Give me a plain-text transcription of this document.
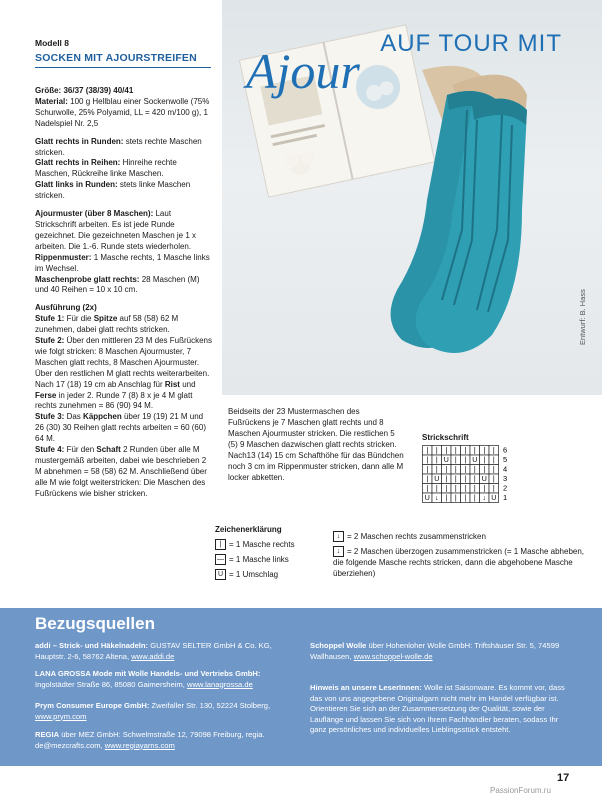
Modell 8
SOCKEN MIT AJOURSTREIFEN

Größe: 36/37 (38/39) 40/41
Material: 100 g Hellblau einer Sockenwolle (75% Schurwolle, 25% Polyamid, LL = 420 m/100 g), 1 Nadelspiel Nr. 2,5

Glatt rechts in Runden: stets rechte Maschen stricken.
Glatt rechts in Reihen: Hinreihe rechte Maschen, Rückreihe linke Maschen.
Glatt links in Runden: stets linke Maschen stricken.

Ajourmuster (über 8 Maschen): Laut Strickschrift arbeiten. Es ist jede Runde gezeichnet. Die gezeichneten Maschen je 1 x arbeiten. Die 1.-6. Runde stets wiederholen.
Rippenmuster: 1 Masche rechts, 1 Masche links im Wechsel.
Maschenprobe glatt rechts: 28 Maschen (M) und 40 Reihen = 10 x 10 cm.

Ausführung (2x)
Stufe 1: Für die Spitze auf 58 (58) 62 M zunehmen, dabei glatt rechts stricken.
Stufe 2: Über den mittleren 23 M des Fußrückens wie folgt stricken: 8 Maschen Ajourmuster, 7 Maschen glatt rechts, 8 Maschen Ajourmuster. Über den restlichen M glatt rechts weiterarbeiten. Nach 17 (18) 19 cm ab Anschlag für Rist und Ferse in jeder 2. Runde 7 (8) 8 x je 4 M glatt rechts zunehmen = 86 (90) 94 M.
Stufe 3: Das Käppchen über 19 (19) 21 M und 26 (30) 30 Reihen glatt rechts arbeiten = 60 (60) 64 M.
Stufe 4: Für den Schaft 2 Runden über alle M mustergemäß arbeiten, dabei wie beschrieben 2 M abnehmen = 58 (58) 62 M. Anschließend über alle M wie folgt weiterstricken: Die Maschen des Fußrückens wie bisher stricken.

AUF TOUR MIT
Ajour
Entwurf: B. Hass
Beidseits der 23 Mustermaschen des Fußrückens je 7 Maschen glatt rechts und 8 Maschen Ajourmuster stricken. Die restlichen 5 (5) 9 Maschen dazwischen glatt rechts stricken. Nach13 (14) 15 cm Schafthöhe für das Bündchen noch 3 cm im Rippenmuster stricken, dann alle M locker abketten.
Strickschrift
| | | | | | | | 6
| | U | | U | | 5
| | | | | | | | 4
| U | | | | U | 3
| | | | | | | | 2
U ↓ | | | | ↓ U 1
Zeichenerklärung
| = 1 Masche rechts
— = 1 Masche links
U = 1 Umschlag
↓ = 2 Maschen rechts zusammenstricken
↓ = 2 Maschen überzogen zusammenstricken (= 1 Masche abheben, die folgende Masche rechts stricken, dann die abgehobene Masche überziehen)
Bezugsquellen
addi – Strick- und Häkelnadeln: GUSTAV SELTER GmbH & Co. KG, Hauptstr. 2-6, 58762 Altena, www.addi.de
LANA GROSSA Mode mit Wolle Handels- und Vertriebs GmbH: Ingolstädter Straße 86, 85080 Gaimersheim, www.lanagrossa.de
Prym Consumer Europe GmbH: Zweifaller Str. 130, 52224 Stolberg, www.prym.com
REGIA über MEZ GmbH: Schwelmstraße 12, 79098 Freiburg, regia. de@mezcrafts.com, www.regiayarns.com
Schoppel Wolle über Hohenloher Wolle GmbH: Triftshäuser Str. 5, 74599 Wallhausen, www.schoppel-wolle.de
Hinweis an unsere LeserInnen: Wolle ist Saisonware. Es kommt vor, dass das von uns angegebene Originalgarn nicht mehr im Handel verfügbar ist. Orientieren Sie sich an der Zusammensetzung der Qualität, sowie der Lauflänge und lassen Sie sich von Ihrem Fachhändler beraten, sodass Ihr ganz persönliches und individuelles Lieblingsstück entsteht.
17
PassionForum.ru
